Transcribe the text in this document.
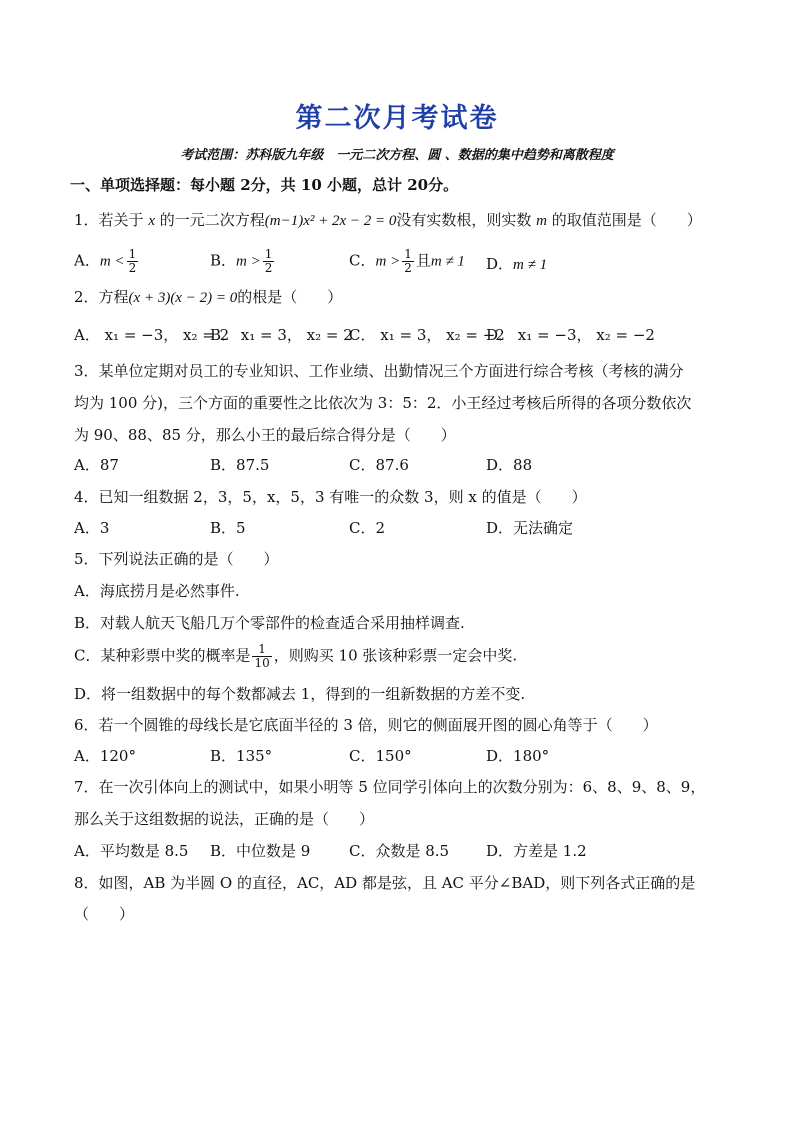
第二次月考试卷
考试范围：苏科版九年级　一元二次方程、圆 、数据的集中趋势和离散程度
一、单项选择题：每小题 2分，共 10 小题，总计 20分。
1．若关于 x 的一元二次方程(m−1)x² + 2x − 2 = 0没有实数根，则实数 m 的取值范围是（　　）
A．$m < \frac{1}{2}$	B．$m > \frac{1}{2}$	C．$m > \frac{1}{2}$ 且m ≠ 1 D．m ≠ 1
2．方程(x + 3)(x − 2) = 0的根是（　　）
A． x₁ = −3， x₂ = 2
B． x₁ = 3， x₂ = 2
C． x₁ = 3， x₂ = −2
D． x₁ = −3， x₂ = −2
3．某单位定期对员工的专业知识、工作业绩、出勤情况三个方面进行综合考核（考核的满分
均为 100 分)，三个方面的重要性之比依次为 3：5：2．小王经过考核后所得的各项分数依次
为 90、88、85 分，那么小王的最后综合得分是（　　）
A．87	B．87.5	C．87.6	D．88
4．已知一组数据 2，3，5，x，5，3 有唯一的众数 3，则 x 的值是（　　）
A．3	B．5	C．2	D．无法确定
5．下列说法正确的是（　　）
A．海底捞月是必然事件.
B．对载人航天飞船几万个零部件的检查适合采用抽样调查.
C．某种彩票中奖的概率是 $\frac{1}{10}$ ，则购买 10 张该种彩票一定会中奖.
D．将一组数据中的每个数都减去 1，得到的一组新数据的方差不变.
6．若一个圆锥的母线长是它底面半径的 3 倍，则它的侧面展开图的圆心角等于（　　）
A．120°	B．135°	C．150°	D．180°
7．在一次引体向上的测试中，如果小明等 5 位同学引体向上的次数分别为：6、8、9、8、9，
那么关于这组数据的说法，正确的是（　　）
A．平均数是 8.5 B．中位数是 9	C．众数是 8.5 D．方差是 1.2
8．如图，AB 为半圆 O 的直径，AC，AD 都是弦，且 AC 平分∠BAD，则下列各式正确的是
（　　）
